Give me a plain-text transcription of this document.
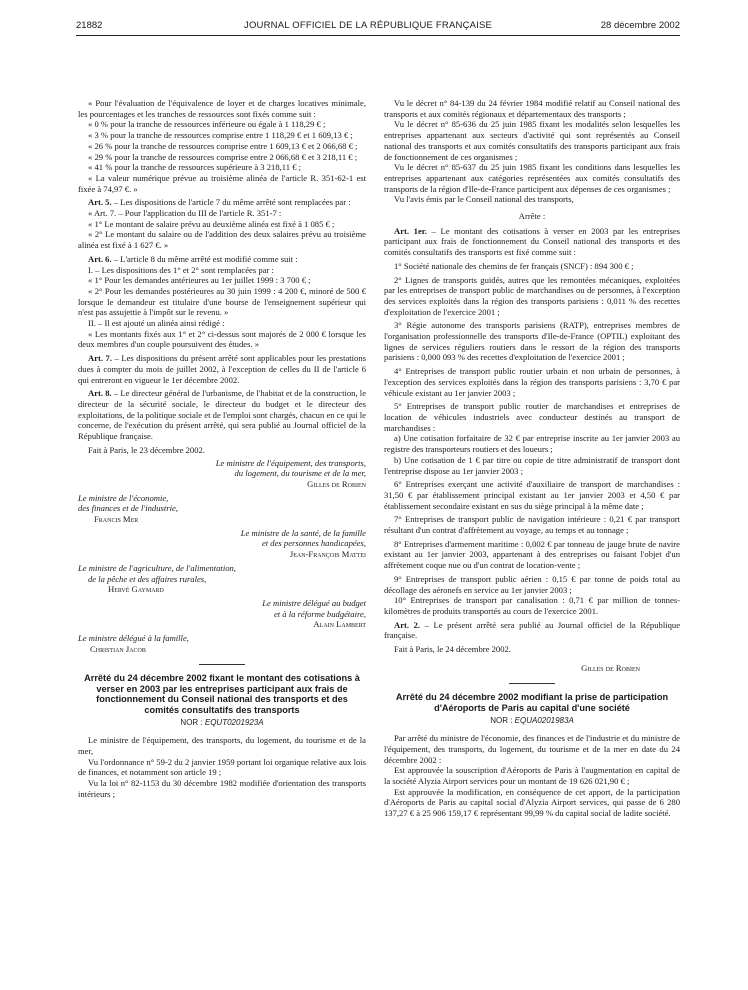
21882	JOURNAL OFFICIEL DE LA RÉPUBLIQUE FRANÇAISE	28 décembre 2002

« Pour l'évaluation de l'équivalence de loyer et de charges locatives minimale, les pourcentages et les tranches de ressources sont fixés comme suit :

« 0 % pour la tranche de ressources inférieure ou égale à 1 118,29 € ;

« 3 % pour la tranche de ressources comprise entre 1 118,29 € et 1 609,13 € ;

« 26 % pour la tranche de ressources comprise entre 1 609,13 € et 2 066,68 € ;

« 29 % pour la tranche de ressources comprise entre 2 066,68 € et 3 218,11 € ;

« 41 % pour la tranche de ressources supérieure à 3 218,11 € ;

« La valeur numérique prévue au troisième alinéa de l'article R. 351-62-1 est fixée à 74,97 €. »

Art. 5. – Les dispositions de l'article 7 du même arrêté sont remplacées par :

« Art. 7. – Pour l'application du III de l'article R. 351-7 :

« 1° Le montant de salaire prévu au deuxième alinéa est fixé à 1 085 € ;

« 2° Le montant du salaire ou de l'addition des deux salaires prévu au troisième alinéa est fixé à 1 627 €. »

Art. 6. – L'article 8 du même arrêté est modifié comme suit :

I. – Les dispositions des 1° et 2° sont remplacées par :

« 1° Pour les demandes antérieures au 1er juillet 1999 : 3 700 € ;

« 2° Pour les demandes postérieures au 30 juin 1999 : 4 200 €, minoré de 500 € lorsque le demandeur est titulaire d'une bourse de l'enseignement supérieur qui n'est pas assujettie à l'impôt sur le revenu. »

II. – Il est ajouté un alinéa ainsi rédigé :

« Les montants fixés aux 1° et 2° ci-dessus sont majorés de 2 000 € lorsque les deux membres d'un couple poursuivent des études. »

Art. 7. – Les dispositions du présent arrêté sont applicables pour les prestations dues à compter du mois de juillet 2002, à l'exception de celles du II de l'article 6 qui entreront en vigueur le 1er décembre 2002.

Art. 8. – Le directeur général de l'urbanisme, de l'habitat et de la construction, le directeur de la sécurité sociale, le directeur du budget et le directeur des exploitations, de la politique sociale et de l'emploi sont chargés, chacun en ce qui le concerne, de l'exécution du présent arrêté, qui sera publié au Journal officiel de la République française.

Fait à Paris, le 23 décembre 2002.

Le ministre de l'équipement, des transports,
du logement, du tourisme et de la mer,
Gilles de Robien
Le ministre de l'économie,
des finances et de l'industrie,
Francis Mer
Le ministre de la santé, de la famille
et des personnes handicapées,
Jean-François Mattei
Le ministre de l'agriculture, de l'alimentation,
de la pêche et des affaires rurales,
Hervé Gaymard
Le ministre délégué au budget
et à la réforme budgétaire,
Alain Lambert
Le ministre délégué à la famille,
Christian Jacob
Arrêté du 24 décembre 2002 fixant le montant des cotisations à verser en 2003 par les entreprises participant aux frais de fonctionnement du Conseil national des transports et des comités consultatifs des transports
NOR : EQUT0201923A

Le ministre de l'équipement, des transports, du logement, du tourisme et de la mer,

Vu l'ordonnance n° 59-2 du 2 janvier 1959 portant loi organique relative aux lois de finances, et notamment son article 19 ;

Vu la loi n° 82-1153 du 30 décembre 1982 modifiée d'orientation des transports intérieurs ;

Vu le décret n° 84-139 du 24 février 1984 modifié relatif au Conseil national des transports et aux comités régionaux et départementaux des transports ;

Vu le décret n° 85-636 du 25 juin 1985 fixant les modalités selon lesquelles les entreprises appartenant aux secteurs d'activité qui sont représentés au Conseil national des transports et aux comités consultatifs des transports participant aux frais de fonctionnement de ces organismes ;

Vu le décret n° 85-637 du 25 juin 1985 fixant les conditions dans lesquelles les entreprises appartenant aux catégories représentées aux comités consultatifs des transports de la région d'Ile-de-France participent aux dépenses de ces organismes ;

Vu l'avis émis par le Conseil national des transports,

Arrête :

Art. 1er. – Le montant des cotisations à verser en 2003 par les entreprises participant aux frais de fonctionnement du Conseil national des transports et des comités consultatifs des transports est fixé comme suit :

1° Société nationale des chemins de fer français (SNCF) : 894 300 € ;

2° Lignes de transports guidés, autres que les remontées mécaniques, exploitées par les entreprises de transport public de marchandises ou de personnes, à l'exception des services exploités dans la région des transports parisiens : 0,011 % des recettes d'exploitation de l'exercice 2001 ;

3° Régie autonome des transports parisiens (RATP), entreprises membres de l'organisation professionnelle des transports d'Ile-de-France (OPTIL) exploitant des lignes de services réguliers routiers dans le ressort de la région des transports parisiens : 0,000 093 % des recettes d'exploitation de l'exercice 2001 ;

4° Entreprises de transport public routier urbain et non urbain de personnes, à l'exception des services exploités dans la région des transports parisiens : 3,70 € par véhicule existant au 1er janvier 2003 ;

5° Entreprises de transport public routier de marchandises et entreprises de location de véhicules industriels avec conducteur destinés au transport de marchandises :

a) Une cotisation forfaitaire de 32 € par entreprise inscrite au 1er janvier 2003 au registre des transporteurs routiers et des loueurs ;

b) Une cotisation de 1 € par titre ou copie de titre administratif de transport dont l'entreprise dispose au 1er janvier 2003 ;

6° Entreprises exerçant une activité d'auxiliaire de transport de marchandises : 31,50 € par établissement principal existant au 1er janvier 2003 et 4,50 € par établissement secondaire existant en sus du siège principal à la même date ;

7° Entreprises de transport public de navigation intérieure : 0,21 € par transport résultant d'un contrat d'affrètement au voyage, au temps et au tonnage ;

8° Entreprises d'armement maritime : 0,002 € par tonneau de jauge brute de navire existant au 1er janvier 2003, appartenant à des entreprises ou faisant l'objet d'un affrètement coque nue ou d'un contrat de location-vente ;

9° Entreprises de transport public aérien : 0,15 € par tonne de poids total au décollage des aéronefs en service au 1er janvier 2003 ;

10° Entreprises de transport par canalisation : 0,71 € par million de tonnes-kilomètres de produits transportés au cours de l'exercice 2001.

Art. 2. – Le présent arrêté sera publié au Journal officiel de la République française.

Fait à Paris, le 24 décembre 2002.

Gilles de Robien
Arrêté du 24 décembre 2002 modifiant la prise de participation d'Aéroports de Paris au capital d'une société
NOR : EQUA0201983A

Par arrêté du ministre de l'économie, des finances et de l'industrie et du ministre de l'équipement, des transports, du logement, du tourisme et de la mer en date du 24 décembre 2002 :

Est approuvée la souscription d'Aéroports de Paris à l'augmentation en capital de la société Alyzia Airport services pour un montant de 19 626 021,90 € ;

Est approuvée la modification, en conséquence de cet apport, de la participation d'Aéroports de Paris au capital social d'Alyzia Airport services, qui passe de 6 280 137,27 € à 25 906 159,17 € représentant 99,99 % du capital social de ladite société.
